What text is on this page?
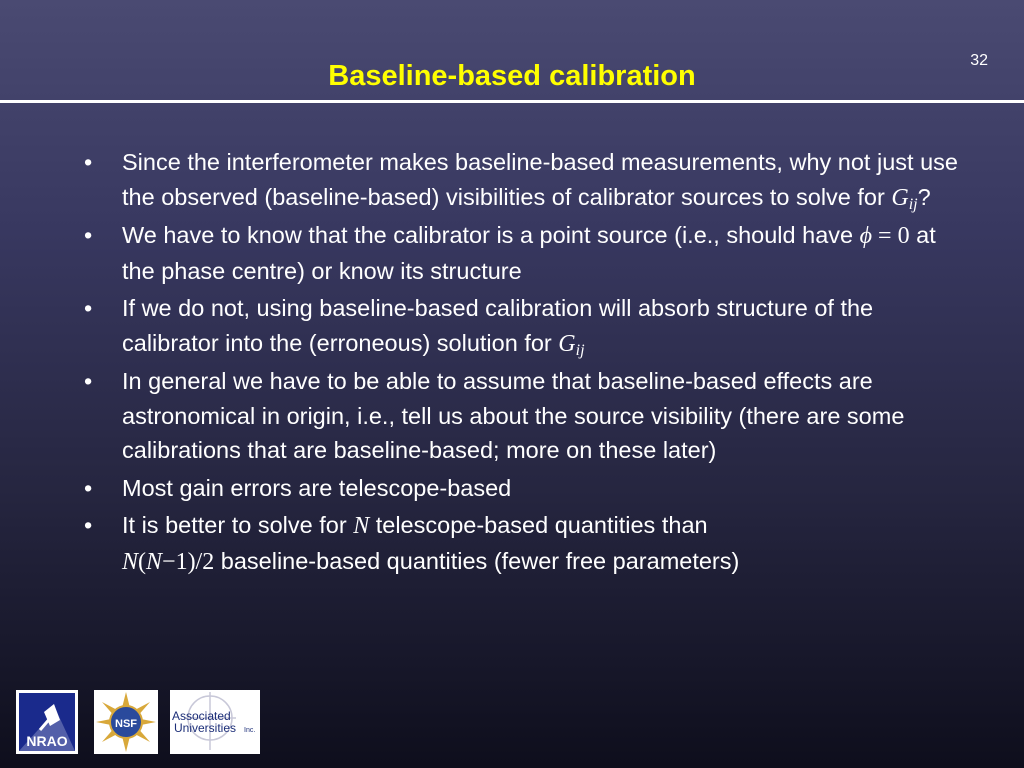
32
Baseline-based calibration
• Since the interferometer makes baseline-based measurements, why not just use the observed (baseline-based) visibilities of calibrator sources to solve for $G_{ij}$?
• We have to know that the calibrator is a point source (i.e., should have ϕ = 0 at the phase centre) or know its structure
• If we do not, using baseline-based calibration will absorb structure of the calibrator into the (erroneous) solution for $G_{ij}$
• In general we have to be able to assume that baseline-based effects are astronomical in origin, i.e., tell us about the source visibility (there are some calibrations that are baseline-based; more on these later)
• Most gain errors are telescope-based
• It is better to solve for N telescope-based quantities than
N(N−1)/2 baseline-based quantities (fewer free parameters)
NRAO
NSF
Associated
Universities Inc.
